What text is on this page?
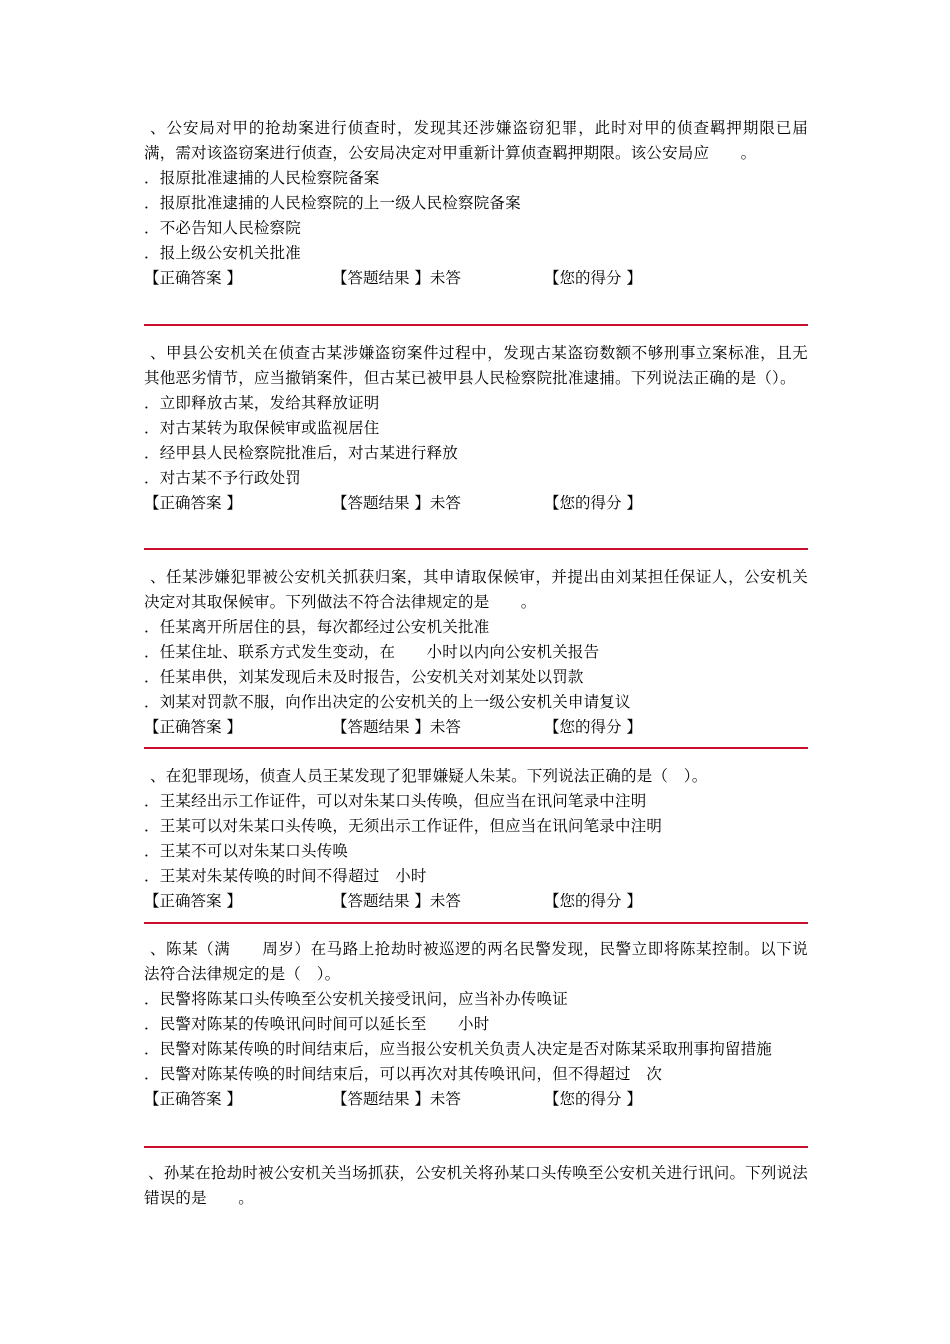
、公安局对甲的抢劫案进行侦查时，发现其还涉嫌盗窃犯罪，此时对甲的侦查羁押期限已届满，需对该盗窃案进行侦查，公安局决定对甲重新计算侦查羁押期限。该公安局应　　。

．报原批准逮捕的人民检察院备案

．报原批准逮捕的人民检察院的上一级人民检察院备案

．不必告知人民检察院

．报上级公安机关批准

【正确答案 】	【答题结果 】未答	【您的得分 】

、甲县公安机关在侦查古某涉嫌盗窃案件过程中，发现古某盗窃数额不够刑事立案标准，且无其他恶劣情节，应当撤销案件，但古某已被甲县人民检察院批准逮捕。下列说法正确的是（）。

．立即释放古某，发给其释放证明

．对古某转为取保候审或监视居住

．经甲县人民检察院批准后，对古某进行释放

．对古某不予行政处罚

【正确答案 】	【答题结果 】未答	【您的得分 】

、任某涉嫌犯罪被公安机关抓获归案，其申请取保候审，并提出由刘某担任保证人，公安机关决定对其取保候审。下列做法不符合法律规定的是　　。

．任某离开所居住的县，每次都经过公安机关批准

．任某住址、联系方式发生变动，在　　小时以内向公安机关报告

．任某串供，刘某发现后未及时报告，公安机关对刘某处以罚款

．刘某对罚款不服，向作出决定的公安机关的上一级公安机关申请复议

【正确答案 】	【答题结果 】未答	【您的得分 】

、在犯罪现场，侦查人员王某发现了犯罪嫌疑人朱某。下列说法正确的是（　）。

．王某经出示工作证件，可以对朱某口头传唤，但应当在讯问笔录中注明

．王某可以对朱某口头传唤，无须出示工作证件，但应当在讯问笔录中注明

．王某不可以对朱某口头传唤

．王某对朱某传唤的时间不得超过　小时

【正确答案 】	【答题结果 】未答	【您的得分 】

、陈某（满　　周岁）在马路上抢劫时被巡逻的两名民警发现，民警立即将陈某控制。以下说法符合法律规定的是（　）。

．民警将陈某口头传唤至公安机关接受讯问，应当补办传唤证

．民警对陈某的传唤讯问时间可以延长至　　小时

．民警对陈某传唤的时间结束后，应当报公安机关负责人决定是否对陈某采取刑事拘留措施

．民警对陈某传唤的时间结束后，可以再次对其传唤讯问，但不得超过　次

【正确答案 】	【答题结果 】未答	【您的得分 】

、孙某在抢劫时被公安机关当场抓获，公安机关将孙某口头传唤至公安机关进行讯问。下列说法错误的是　　。
